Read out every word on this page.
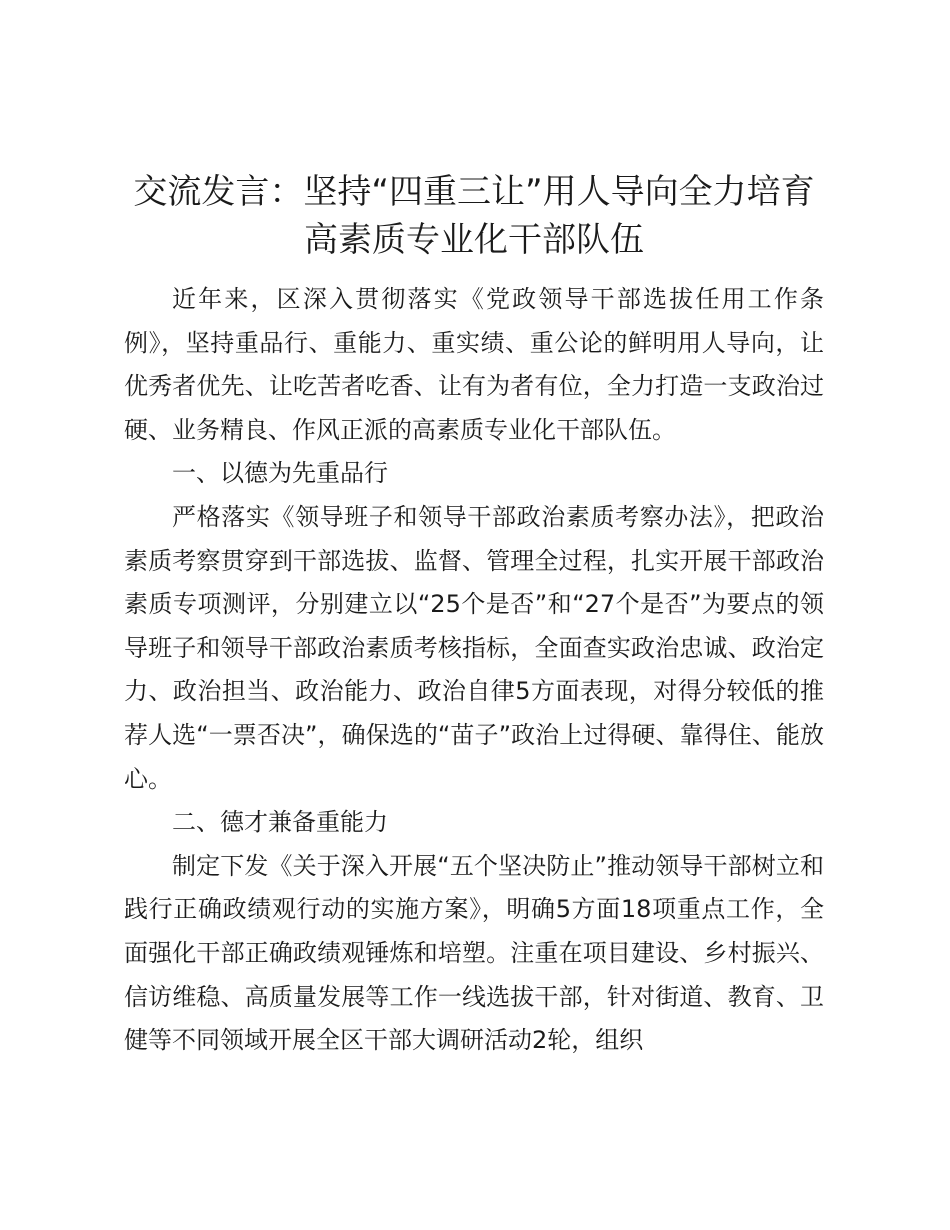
交流发言：坚持“四重三让”用人导向全力培育
高素质专业化干部队伍

近年来，区深入贯彻落实《党政领导干部选拔任用工作条例》，坚持重品行、重能力、重实绩、重公论的鲜明用人导向，让优秀者优先、让吃苦者吃香、让有为者有位，全力打造一支政治过硬、业务精良、作风正派的高素质专业化干部队伍。

一、以德为先重品行

严格落实《领导班子和领导干部政治素质考察办法》，把政治素质考察贯穿到干部选拔、监督、管理全过程，扎实开展干部政治素质专项测评，分别建立以“25个是否”和“27个是否”为要点的领导班子和领导干部政治素质考核指标，全面查实政治忠诚、政治定力、政治担当、政治能力、政治自律5方面表现，对得分较低的推荐人选“一票否决”，确保选的“苗子”政治上过得硬、靠得住、能放心。

二、德才兼备重能力

制定下发《关于深入开展“五个坚决防止”推动领导干部树立和践行正确政绩观行动的实施方案》，明确5方面18项重点工作，全面强化干部正确政绩观锤炼和培塑。注重在项目建设、乡村振兴、信访维稳、高质量发展等工作一线选拔干部，针对街道、教育、卫健等不同领域开展全区干部大调研活动2轮，组织
